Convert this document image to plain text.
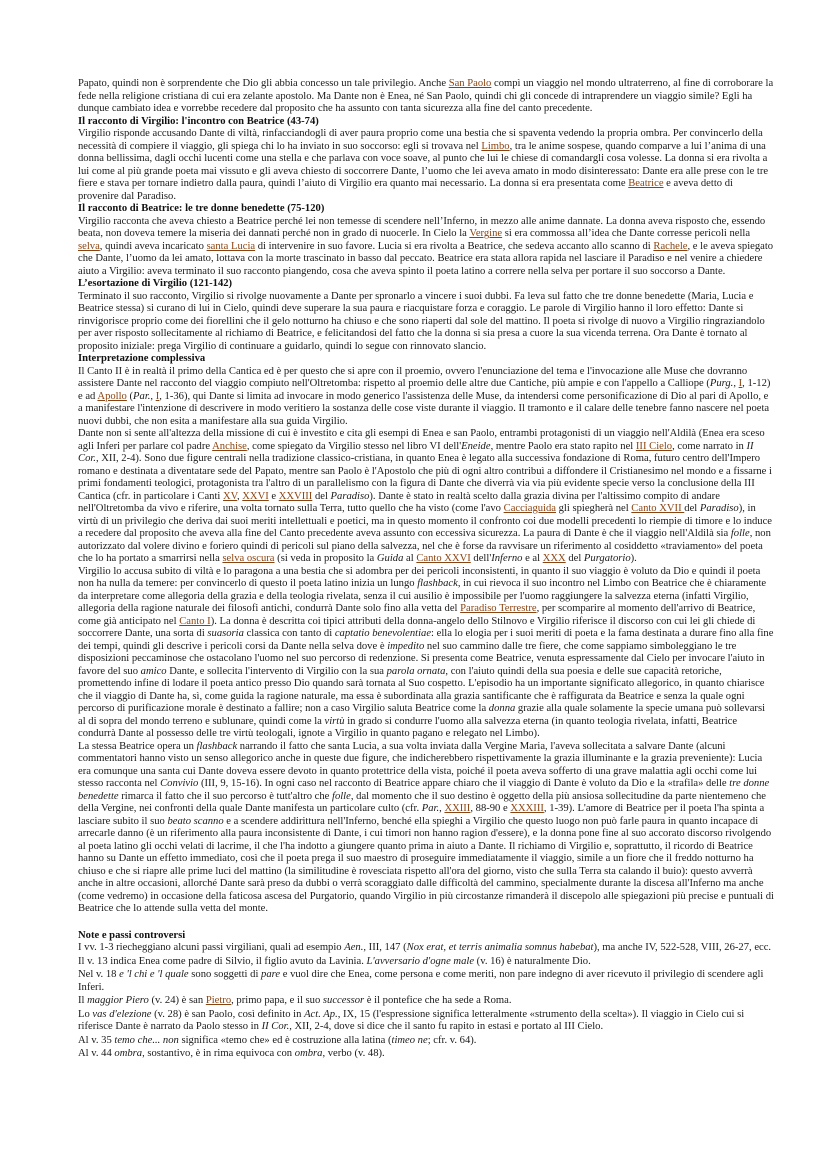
Papato, quindi non è sorprendente che Dio gli abbia concesso un tale privilegio. Anche San Paolo compì un viaggio nel mondo ultraterreno, al fine di corroborare la fede nella religione cristiana di cui era zelante apostolo. Ma Dante non è Enea, né San Paolo, quindi chi gli concede di intraprendere un viaggio simile? Egli ha dunque cambiato idea e vorrebbe recedere dal proposito che ha assunto con tanta sicurezza alla fine del canto precedente.

Il racconto di Virgilio: l'incontro con Beatrice (43-74)

Virgilio risponde accusando Dante di viltà, rinfacciandogli di aver paura proprio come una bestia che si spaventa vedendo la propria ombra. Per convincerlo della necessità di compiere il viaggio, gli spiega chi lo ha inviato in suo soccorso: egli si trovava nel Limbo, tra le anime sospese, quando comparve a lui l’anima di una donna bellissima, dagli occhi lucenti come una stella e che parlava con voce soave, al punto che lui le chiese di comandargli cosa volesse. La donna si era rivolta a lui come al più grande poeta mai vissuto e gli aveva chiesto di soccorrere Dante, l’uomo che lei aveva amato in modo disinteressato: Dante era alle prese con le tre fiere e stava per tornare indietro dalla paura, quindi l’aiuto di Virgilio era quanto mai necessario. La donna si era presentata come Beatrice e aveva detto di provenire dal Paradiso.

Il racconto di Beatrice: le tre donne benedette (75-120)

Virgilio racconta che aveva chiesto a Beatrice perché lei non temesse di scendere nell’Inferno, in mezzo alle anime dannate. La donna aveva risposto che, essendo beata, non doveva temere la miseria dei dannati perché non in grado di nuocerle. In Cielo la Vergine si era commossa all’idea che Dante corresse pericoli nella selva, quindi aveva incaricato santa Lucia di intervenire in suo favore. Lucia si era rivolta a Beatrice, che sedeva accanto allo scanno di Rachele, e le aveva spiegato che Dante, l’uomo da lei amato, lottava con la morte trascinato in basso dal peccato. Beatrice era stata allora rapida nel lasciare il Paradiso e nel venire a chiedere aiuto a Virgilio: aveva terminato il suo racconto piangendo, cosa che aveva spinto il poeta latino a correre nella selva per portare il suo soccorso a Dante.

L’esortazione di Virgilio (121-142)

Terminato il suo racconto, Virgilio si rivolge nuovamente a Dante per spronarlo a vincere i suoi dubbi. Fa leva sul fatto che tre donne benedette (Maria, Lucia e Beatrice stessa) si curano di lui in Cielo, quindi deve superare la sua paura e riacquistare forza e coraggio. Le parole di Virgilio hanno il loro effetto: Dante si rinvigorisce proprio come dei fiorellini che il gelo notturno ha chiuso e che sono riaperti dal sole del mattino. Il poeta si rivolge di nuovo a Virgilio ringraziandolo per aver risposto sollecitamente al richiamo di Beatrice, e felicitandosi del fatto che la donna si sia presa a cuore la sua vicenda terrena. Ora Dante è tornato al proposito iniziale: prega Virgilio di continuare a guidarlo, quindi lo segue con rinnovato slancio.

Interpretazione complessiva

Il Canto II è in realtà il primo della Cantica ed è per questo che si apre con il proemio, ovvero l'enunciazione del tema e l'invocazione alle Muse che dovranno assistere Dante nel racconto del viaggio compiuto nell'Oltretomba: rispetto al proemio delle altre due Cantiche, più ampie e con l'appello a Calliope (Purg., I, 1-12) e ad Apollo (Par., I, 1-36), qui Dante si limita ad invocare in modo generico l'assistenza delle Muse, da intendersi come personificazione di Dio al pari di Apollo, e a manifestare l'intenzione di descrivere in modo veritiero la sostanza delle cose viste durante il viaggio. Il tramonto e il calare delle tenebre fanno nascere nel poeta nuovi dubbi, che non esita a manifestare alla sua guida Virgilio.

Dante non si sente all'altezza della missione di cui è investito e cita gli esempi di Enea e san Paolo, entrambi protagonisti di un viaggio nell'Aldilà (Enea era sceso agli Inferi per parlare col padre Anchise, come spiegato da Virgilio stesso nel libro VI dell'Eneide, mentre Paolo era stato rapito nel III Cielo, come narrato in II Cor., XII, 2-4). Sono due figure centrali nella tradizione classico-cristiana, in quanto Enea è legato alla successiva fondazione di Roma, futuro centro dell'Impero romano e destinata a diventatare sede del Papato, mentre san Paolo è l'Apostolo che più di ogni altro contribuì a diffondere il Cristianesimo nel mondo e a fissarne i primi fondamenti teologici, protagonista tra l'altro di un parallelismo con la figura di Dante che diverrà via via più evidente specie verso la conclusione della III Cantica (cfr. in particolare i Canti XV, XXVI e XXVIII del Paradiso). Dante è stato in realtà scelto dalla grazia divina per l'altissimo compito di andare nell'Oltretomba da vivo e riferire, una volta tornato sulla Terra, tutto quello che ha visto (come l'avo Cacciaguida gli spiegherà nel Canto XVII del Paradiso), in virtù di un privilegio che deriva dai suoi meriti intellettuali e poetici, ma in questo momento il confronto coi due modelli precedenti lo riempie di timore e lo induce a recedere dal proposito che aveva alla fine del Canto precedente aveva assunto con eccessiva sicurezza. La paura di Dante è che il viaggio nell'Aldilà sia folle, non autorizzato dal volere divino e foriero quindi di pericoli sul piano della salvezza, nel che è forse da ravvisare un riferimento al cosiddetto «traviamento» del poeta che lo ha portato a smarrirsi nella selva oscura (si veda in proposito la Guida al Canto XXVI dell'Inferno e al XXX del Purgatorio).

Virgilio lo accusa subito di viltà e lo paragona a una bestia che si adombra per dei pericoli inconsistenti, in quanto il suo viaggio è voluto da Dio e quindi il poeta non ha nulla da temere: per convincerlo di questo il poeta latino inizia un lungo flashback, in cui rievoca il suo incontro nel Limbo con Beatrice che è chiaramente da interpretare come allegoria della grazia e della teologia rivelata, senza il cui ausilio è impossibile per l'uomo raggiungere la salvezza eterna (infatti Virgilio, allegoria della ragione naturale dei filosofi antichi, condurrà Dante solo fino alla vetta del Paradiso Terrestre, per scomparire al momento dell'arrivo di Beatrice, come già anticipato nel Canto I). La donna è descritta coi tipici attributi della donna-angelo dello Stilnovo e Virgilio riferisce il discorso con cui lei gli chiede di soccorrere Dante, una sorta di suasoria classica con tanto di captatio benevolentiae: ella lo elogia per i suoi meriti di poeta e la fama destinata a durare fino alla fine dei tempi, quindi gli descrive i pericoli corsi da Dante nella selva dove è impedito nel suo cammino dalle tre fiere, che come sappiamo simboleggiano le tre disposizioni peccaminose che ostacolano l'uomo nel suo percorso di redenzione. Si presenta come Beatrice, venuta espressamente dal Cielo per invocare l'aiuto in favore del suo amico Dante, e sollecita l'intervento di Virgilio con la sua parola ornata, con l'aiuto quindi della sua poesia e delle sue capacità retoriche, promettendo infine di lodare il poeta antico presso Dio quando sarà tornata al Suo cospetto. L'episodio ha un importante significato allegorico, in quanto chiarisce che il viaggio di Dante ha, sì, come guida la ragione naturale, ma essa è subordinata alla grazia santificante che è raffigurata da Beatrice e senza la quale ogni percorso di purificazione morale è destinato a fallire; non a caso Virgilio saluta Beatrice come la donna grazie alla quale solamente la specie umana può sollevarsi al di sopra del mondo terreno e sublunare, quindi come la virtù in grado si condurre l'uomo alla salvezza eterna (in quanto teologia rivelata, infatti, Beatrice condurrà Dante al possesso delle tre virtù teologali, ignote a Virgilio in quanto pagano e relegato nel Limbo).

La stessa Beatrice opera un flashback narrando il fatto che santa Lucia, a sua volta inviata dalla Vergine Maria, l'aveva sollecitata a salvare Dante (alcuni commentatori hanno visto un senso allegorico anche in queste due figure, che indicherebbero rispettivamente la grazia illuminante e la grazia preveniente): Lucia era comunque una santa cui Dante doveva essere devoto in quanto protettrice della vista, poiché il poeta aveva sofferto di una grave malattia agli occhi come lui stesso racconta nel Convivio (III, 9, 15-16). In ogni caso nel racconto di Beatrice appare chiaro che il viaggio di Dante è voluto da Dio e la «trafila» delle tre donne benedette rimarca il fatto che il suo percorso è tutt'altro che folle, dal momento che il suo destino è oggetto della più ansiosa sollecitudine da parte nientemeno che della Vergine, nei confronti della quale Dante manifesta un particolare culto (cfr. Par., XXIII, 88-90 e XXXIII, 1-39). L'amore di Beatrice per il poeta l'ha spinta a lasciare subito il suo beato scanno e a scendere addirittura nell'Inferno, benché ella spieghi a Virgilio che questo luogo non può farle paura in quanto incapace di arrecarle danno (è un riferimento alla paura inconsistente di Dante, i cui timori non hanno ragion d'essere), e la donna pone fine al suo accorato discorso rivolgendo al poeta latino gli occhi velati di lacrime, il che l'ha indotto a giungere quanto prima in aiuto a Dante. Il richiamo di Virgilio e, soprattutto, il ricordo di Beatrice hanno su Dante un effetto immediato, così che il poeta prega il suo maestro di proseguire immediatamente il viaggio, simile a un fiore che il freddo notturno ha chiuso e che si riapre alle prime luci del mattino (la similitudine è rovesciata rispetto all'ora del giorno, visto che sulla Terra sta calando il buio): questo avverrà anche in altre occasioni, allorché Dante sarà preso da dubbi o verrà scoraggiato dalle difficoltà del cammino, specialmente durante la discesa all'Inferno ma anche (come vedremo) in occasione della faticosa ascesa del Purgatorio, quando Virgilio in più circostanze rimanderà il discepolo alle spiegazioni più precise e puntuali di Beatrice che lo attende sulla vetta del monte.

Note e passi controversi

I vv. 1-3 riecheggiano alcuni passi virgiliani, quali ad esempio Aen., III, 147 (Nox erat, et terris animalia somnus habebat), ma anche IV, 522-528, VIII, 26-27, ecc.

Il v. 13 indica Enea come padre di Silvio, il figlio avuto da Lavinia. L'avversario d'ogne male (v. 16) è naturalmente Dio.

Nel v. 18 e 'l chi e 'l quale sono soggetti di pare e vuol dire che Enea, come persona e come meriti, non pare indegno di aver ricevuto il privilegio di scendere agli Inferi.

Il maggior Piero (v. 24) è san Pietro, primo papa, e il suo successor è il pontefice che ha sede a Roma.

Lo vas d'elezione (v. 28) è san Paolo, così definito in Act. Ap., IX, 15 (l'espressione significa letteralmente «strumento della scelta»). Il viaggio in Cielo cui si riferisce Dante è narrato da Paolo stesso in II Cor., XII, 2-4, dove si dice che il santo fu rapito in estasi e portato al III Cielo.

Al v. 35 temo che... non significa «temo che» ed è costruzione alla latina (timeo ne; cfr. v. 64).

Al v. 44 ombra, sostantivo, è in rima equivoca con ombra, verbo (v. 48).
